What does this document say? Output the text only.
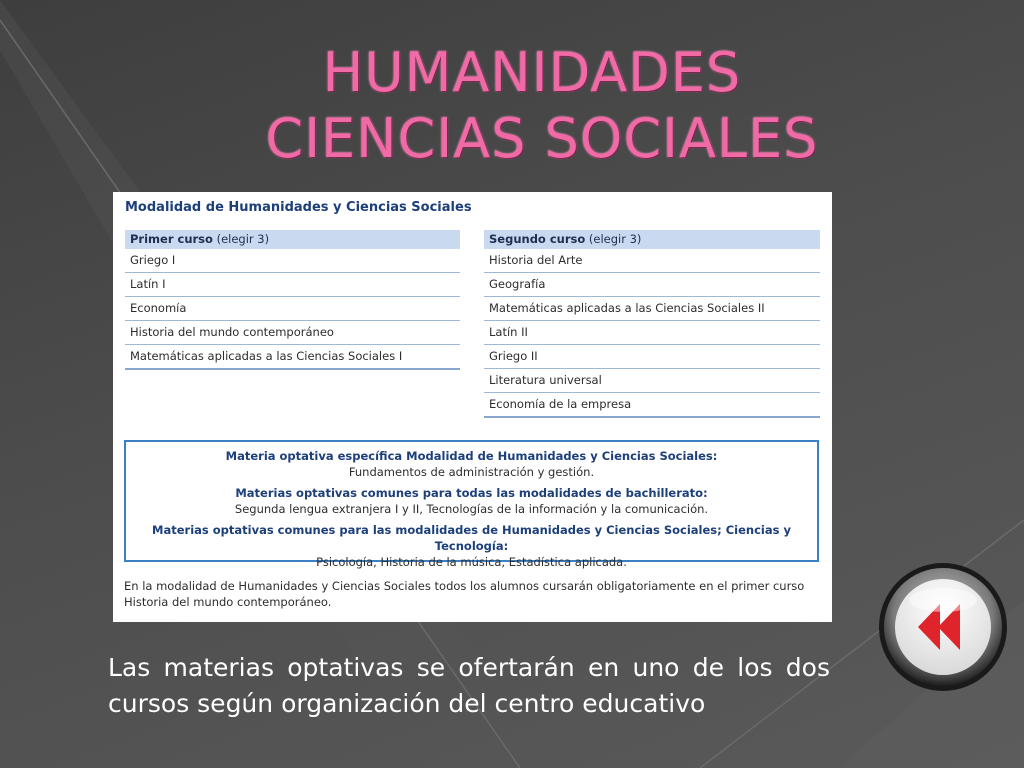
HUMANIDADES
CIENCIAS SOCIALES
Modalidad de Humanidades y Ciencias Sociales
Primer curso (elegir 3)
Griego I
Latín I
Economía
Historia del mundo contemporáneo
Matemáticas aplicadas a las Ciencias Sociales I
Segundo curso (elegir 3)
Historia del Arte
Geografía
Matemáticas aplicadas a las Ciencias Sociales II
Latín II
Griego II
Literatura universal
Economía de la empresa
Materia optativa específica Modalidad de Humanidades y Ciencias Sociales:
Fundamentos de administración y gestión.
Materias optativas comunes para todas las modalidades de bachillerato:
Segunda lengua extranjera I y II, Tecnologías de la información y la comunicación.
Materias optativas comunes para las modalidades de Humanidades y Ciencias Sociales; Ciencias y Tecnología:
Psicología, Historia de la música, Estadística aplicada.
En la modalidad de Humanidades y Ciencias Sociales todos los alumnos cursarán obligatoriamente en el primer curso Historia del mundo contemporáneo.
Las materias optativas se ofertarán en uno de los dos cursos según organización del centro educativo
